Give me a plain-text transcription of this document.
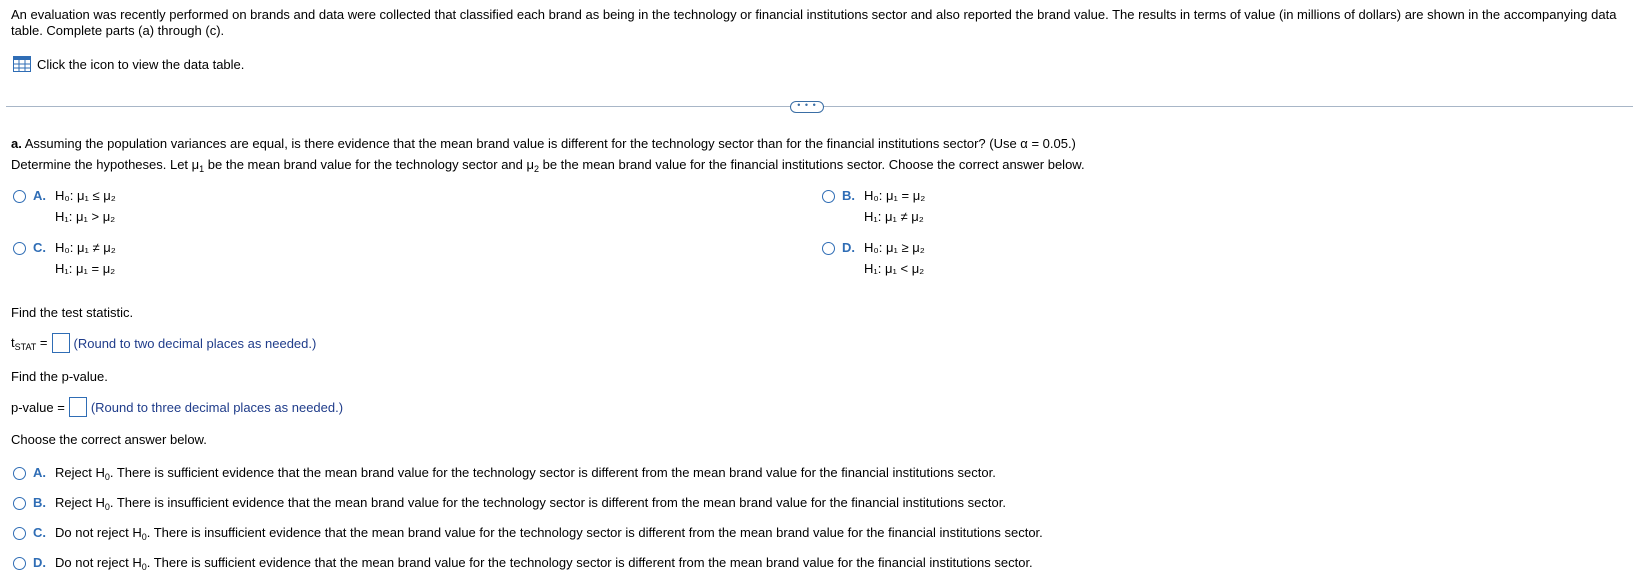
An evaluation was recently performed on brands and data were collected that classified each brand as being in the technology or financial institutions sector and also reported the brand value. The results in terms of value (in millions of dollars) are shown in the accompanying data table. Complete parts (a) through (c).
Click the icon to view the data table.
• • •
a. Assuming the population variances are equal, is there evidence that the mean brand value is different for the technology sector than for the financial institutions sector? (Use α = 0.05.)
Determine the hypotheses. Let $\mu_1$ be the mean brand value for the technology sector and $\mu_2$ be the mean brand value for the financial institutions sector. Choose the correct answer below.
A. H₀: μ₁ ≤ μ₂
H₁: μ₁ > μ₂
B. H₀: μ₁ = μ₂
H₁: μ₁ ≠ μ₂
C. H₀: μ₁ ≠ μ₂
H₁: μ₁ = μ₂
D. H₀: μ₁ ≥ μ₂
H₁: μ₁ < μ₂
Find the test statistic.
$t_{STAT}$ = (Round to two decimal places as needed.)
Find the p-value.
p-value = (Round to three decimal places as needed.)
Choose the correct answer below.
A. Reject $H_0$. There is sufficient evidence that the mean brand value for the technology sector is different from the mean brand value for the financial institutions sector.
B. Reject $H_0$. There is insufficient evidence that the mean brand value for the technology sector is different from the mean brand value for the financial institutions sector.
C. Do not reject $H_0$. There is insufficient evidence that the mean brand value for the technology sector is different from the mean brand value for the financial institutions sector.
D. Do not reject $H_0$. There is sufficient evidence that the mean brand value for the technology sector is different from the mean brand value for the financial institutions sector.
